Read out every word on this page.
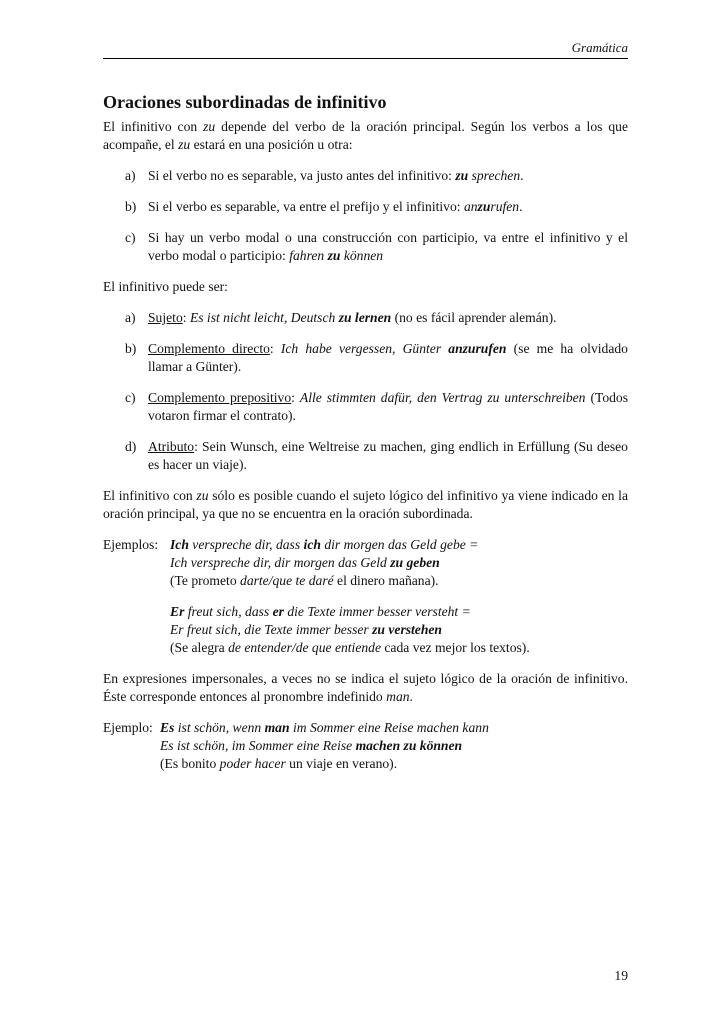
Gramática
Oraciones subordinadas de infinitivo

El infinitivo con zu depende del verbo de la oración principal. Según los verbos a los que acompañe, el zu estará en una posición u otra:

a) Si el verbo no es separable, va justo antes del infinitivo: zu sprechen.
b) Si el verbo es separable, va entre el prefijo y el infinitivo: anzurufen.
c) Si hay un verbo modal o una construcción con participio, va entre el infinitivo y el verbo modal o participio: fahren zu können

El infinitivo puede ser:

a) Sujeto: Es ist nicht leicht, Deutsch zu lernen (no es fácil aprender alemán).
b) Complemento directo: Ich habe vergessen, Günter anzurufen (se me ha olvidado llamar a Günter).
c) Complemento prepositivo: Alle stimmten dafür, den Vertrag zu unterschreiben (Todos votaron firmar el contrato).
d) Atributo: Sein Wunsch, eine Weltreise zu machen, ging endlich in Erfüllung (Su deseo es hacer un viaje).

El infinitivo con zu sólo es posible cuando el sujeto lógico del infinitivo ya viene indicado en la oración principal, ya que no se encuentra en la oración subordinada.

Ejemplos: Ich verspreche dir, dass ich dir morgen das Geld gebe =
Ich verspreche dir, dir morgen das Geld zu geben
(Te prometo darte/que te daré el dinero mañana).
Er freut sich, dass er die Texte immer besser versteht =
Er freut sich, die Texte immer besser zu verstehen
(Se alegra de entender/de que entiende cada vez mejor los textos).

En expresiones impersonales, a veces no se indica el sujeto lógico de la oración de infinitivo. Éste corresponde entonces al pronombre indefinido man.

Ejemplo: Es ist schön, wenn man im Sommer eine Reise machen kann
Es ist schön, im Sommer eine Reise machen zu können
(Es bonito poder hacer un viaje en verano).
19
